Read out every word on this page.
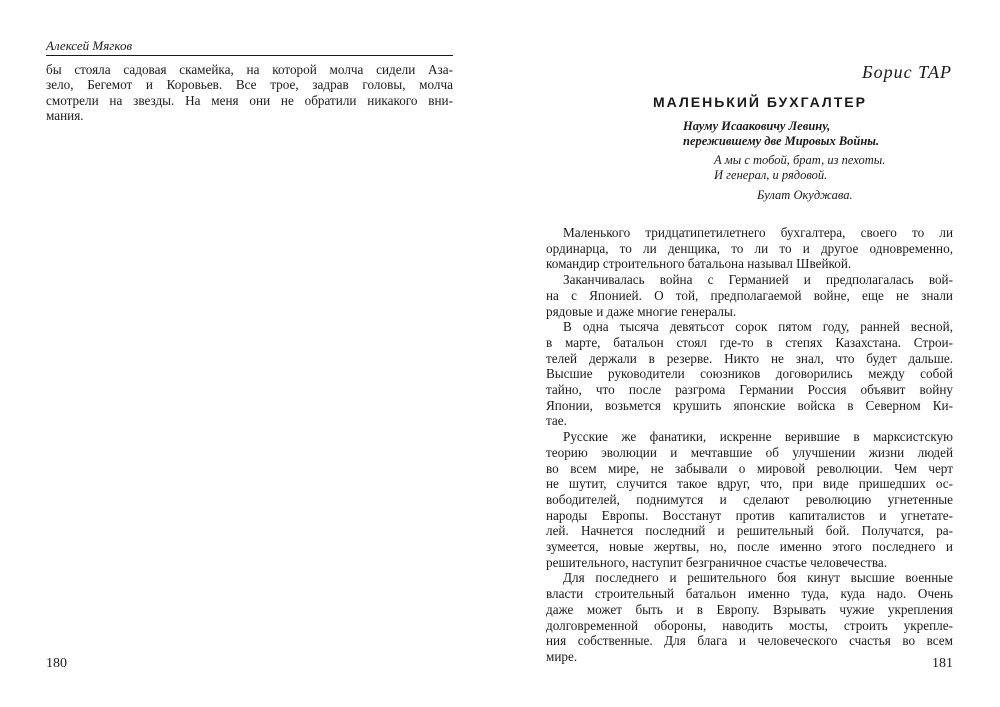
Алексей Мягков
бы стояла садовая скамейка, на которой молча сидели Аза-
зело, Бегемот и Коровьев. Все трое, задрав головы, молча
смотрели на звезды. На меня они не обратили никакого вни-
мания.
180
Борис ТАР
МАЛЕНЬКИЙ БУХГАЛТЕР
Науму Исааковичу Левину,
пережившему две Мировых Войны.
А мы с тобой, брат, из пехоты.
И генерал, и рядовой.
Булат Окуджава.
Маленького тридцатипетилетнего бухгалтера, своего то ли
ординарца, то ли денщика, то ли то и другое одновременно,
командир строительного батальона называл Швейкой.
Заканчивалась война с Германией и предполагалась вой-
на с Японией. О той, предполагаемой войне, еще не знали
рядовые и даже многие генералы.
В одна тысяча девятьсот сорок пятом году, ранней весной,
в марте, батальон стоял где-то в степях Казахстана. Строи-
телей держали в резерве. Никто не знал, что будет дальше.
Высшие руководители союзников договорились между собой
тайно, что после разгрома Германии Россия объявит войну
Японии, возьмется крушить японские войска в Северном Ки-
тае.
Русские же фанатики, искренне верившие в марксистскую
теорию эволюции и мечтавшие об улучшении жизни людей
во всем мире, не забывали о мировой революции. Чем черт
не шутит, случится такое вдруг, что, при виде пришедших ос-
вободителей, поднимутся и сделают революцию угнетенные
народы Европы. Восстанут против капиталистов и угнетате-
лей. Начнется последний и решительный бой. Получатся, ра-
зумеется, новые жертвы, но, после именно этого последнего и
решительного, наступит безграничное счастье человечества.
Для последнего и решительного боя кинут высшие военные
власти строительный батальон именно туда, куда надо. Очень
даже может быть и в Европу. Взрывать чужие укрепления
долговременной обороны, наводить мосты, строить укрепле-
ния собственные. Для блага и человеческого счастья во всем
мире.	181
